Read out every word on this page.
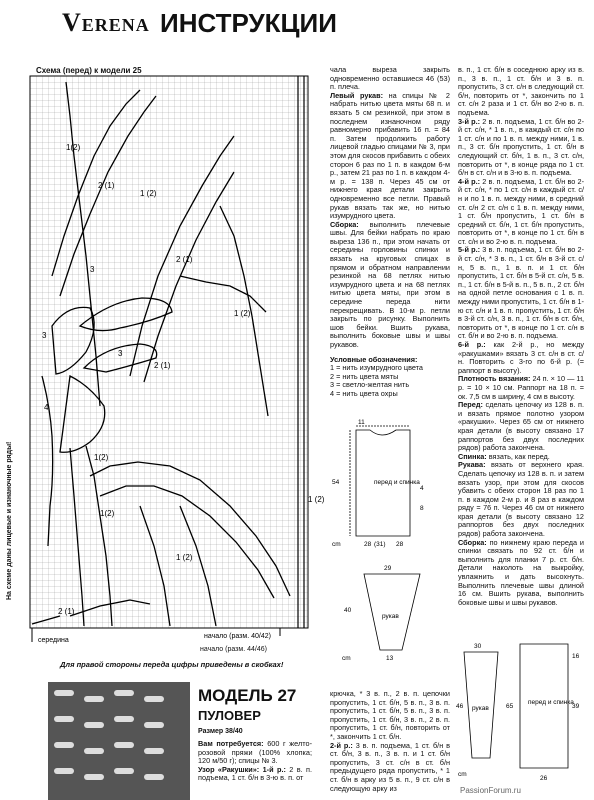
VERENA ИНСТРУКЦИИ
Схема (перед) к модели 25
1(2)
2 (1)
1 (2)
3
2 (1)
1 (2)
3
3
2 (1)
4
1(2)
1(2)
1 (2)
2 (1)
1 (2)
середина
начало (разм. 40/42)
начало (разм. 44/46)
На схеме даны лицевые и изнаночные ряды!
Для правой стороны переда цифры приведены в скобках!

чала выреза закрыть одновременно оставшиеся 46 (53) п. плеча.

Левый рукав: на спицы № 2 набрать нитью цвета мяты 68 п. и вязать 5 см резинкой, при этом в последнем изнаночном ряду равномерно прибавить 16 п. = 84 п. Затем продолжить работу лицевой гладью спицами № 3, при этом для скосов прибавить с обеих сторон 6 раз по 1 п. в каждом 6-м р., затем 21 раз по 1 п. в каждом 4-м р. = 138 п. Через 45 см от нижнего края детали закрыть одновременно все петли. Правый рукав вязать так же, но нитью изумрудного цвета.

Сборка: выполнить плечевые швы. Для бейки набрать по краю выреза 136 п., при этом начать от середины горловины спинки и вязать на круговых спицах в прямом и обратном направлении резинкой на 68 петлях нитью изумрудного цвета и на 68 петлях нитью цвета мяты, при этом в середине переда нити перекрещивать. В 10-м р. петли закрыть по рисунку. Выполнить шов бейки. Вшить рукава, выполнить боковые швы и швы рукавов.

Условные обозначения:

1 = нить изумрудного цвета

2 = нить цвета мяты

3 = светло-желтая нить

4 = нить цвета охры

в. п., 1 ст. б/н в соседнюю арку из в. п., 3 в. п., 1 ст. б/н и 3 в. п. пропустить, 3 ст. с/н в следующий ст. б/н, повторить от *, закончить по 1 ст. с/н 2 раза и 1 ст. б/н во 2-ю в. п. подъема.

3-й р.: 2 в. п. подъема, 1 ст. б/н во 2-й ст. с/н, * 1 в. п., в каждый ст. с/н по 1 ст. с/н и по 1 в. п. между ними, 1 в. п., 3 ст. б/н пропустить, 1 ст. б/н в следующий ст. б/н, 1 в. п., 3 ст. с/н, повторить от *, в конце ряда по 1 ст. б/н в ст. с/н и в 3-ю в. п. подъема.

4-й р.: 2 в. п. подъема, 1 ст. б/н во 2-й ст. с/н, * по 1 ст. с/н в каждый ст. с/н и по 1 в. п. между ними, в средний ст. с/н 2 ст. с/н с 1 в. п. между ними, 1 ст. б/н пропустить, 1 ст. б/н в средний ст. б/н, 1 ст. б/н пропустить, повторить от *, в конце по 1 ст. б/н в ст. с/н и во 2-ю в. п. подъема.

5-й р.: 3 в. п. подъема, 1 ст. б/н во 2-й ст. с/н, * 3 в. п., 1 ст. б/н в 3-й ст. с/н, 5 в. п., 1 в. п. и 1 ст. б/н пропустить, 1 ст. б/н в 5-й ст. с/н, 5 в. п., 1 ст. б/н в 5-й в. п., 5 в. п., 2 ст. б/н на одной петле основания с 1 в. п. между ними пропустить, 1 ст. б/н в 1-ю ст. с/н и 1 в. п. пропустить, 1 ст. б/н в 3-й ст. с/н, 3 в. п., 1 ст. б/н в ст. б/н, повторить от *, в конце по 1 ст. с/н в ст. б/н и во 2-ю в. п. подъема.

6-й р.: как 2-й р., но между «ракушками» вязать 3 ст. с/н в ст. с/н. Повторить с 3-го по 6-й р. (= раппорт в высоту).

Плотность вязания: 24 п. × 10 — 11 р. = 10 × 10 см. Раппорт на 18 п. = ок. 7,5 см в ширину, 4 см в высоту.

Перед: сделать цепочку из 128 в. п. и вязать прямое полотно узором «ракушки». Через 65 см от нижнего края детали (в высоту связано 17 раппортов без двух последних рядов) работа закончена.

Спинка: вязать, как перед.

Рукава: вязать от верхнего края. Сделать цепочку из 128 в. п. и затем вязать узор, при этом для скосов убавить с обеих сторон 18 раз по 1 п. в каждом 2-м р. и 8 раз в каждом ряду = 76 п. Через 46 см от нижнего края детали (в высоту связано 12 раппортов без двух последних рядов) работа закончена.

Сборка: по нижнему краю переда и спинки связать по 92 ст. б/н и выполнить для планки 7 р. ст. б/н. Детали наколоть на выкройку, увлажнить и дать высохнуть. Выполнить плечевые швы длиной 16 см. Вшить рукава, выполнить боковые швы и швы рукавов.

перед и спинка
cm	28 (31) 28
54
11
4
8
рукав
29
40
13
cm
МОДЕЛЬ 27
ПУЛОВЕР
Размер 38/40

Вам потребуется: 600 г желто-розовой пряжи (100% хлопка; 120 м/50 г); спицы № 3.

Узор «Ракушки»: 1-й р.: 2 в. п. подъема, 1 ст. б/н в 3-ю в. п. от

крючка, * 3 в. п., 2 в. п. цепочки пропустить, 1 ст. б/н, 5 в. п., 3 в. п. пропустить, 1 ст. б/н, 5 в. п., 3 в. п. пропустить, 1 ст. б/н, 3 в. п., 2 в. п. пропустить, 1 ст. б/н, повторить от *, закончить 1 ст. б/н.

2-й р.: 3 в. п. подъема, 1 ст. б/н в ст. б/н, 3 в. п., 3 в. п. и 1 ст. б/н пропустить, 3 ст. с/н в ст. б/н предыдущего ряда пропустить, * 1 ст. б/н в арку из 5 в. п., 9 ст. с/н в следующую арку из

рукав
перед и спинка
30
46	65
16
39
26
cm
PassionForum.ru
